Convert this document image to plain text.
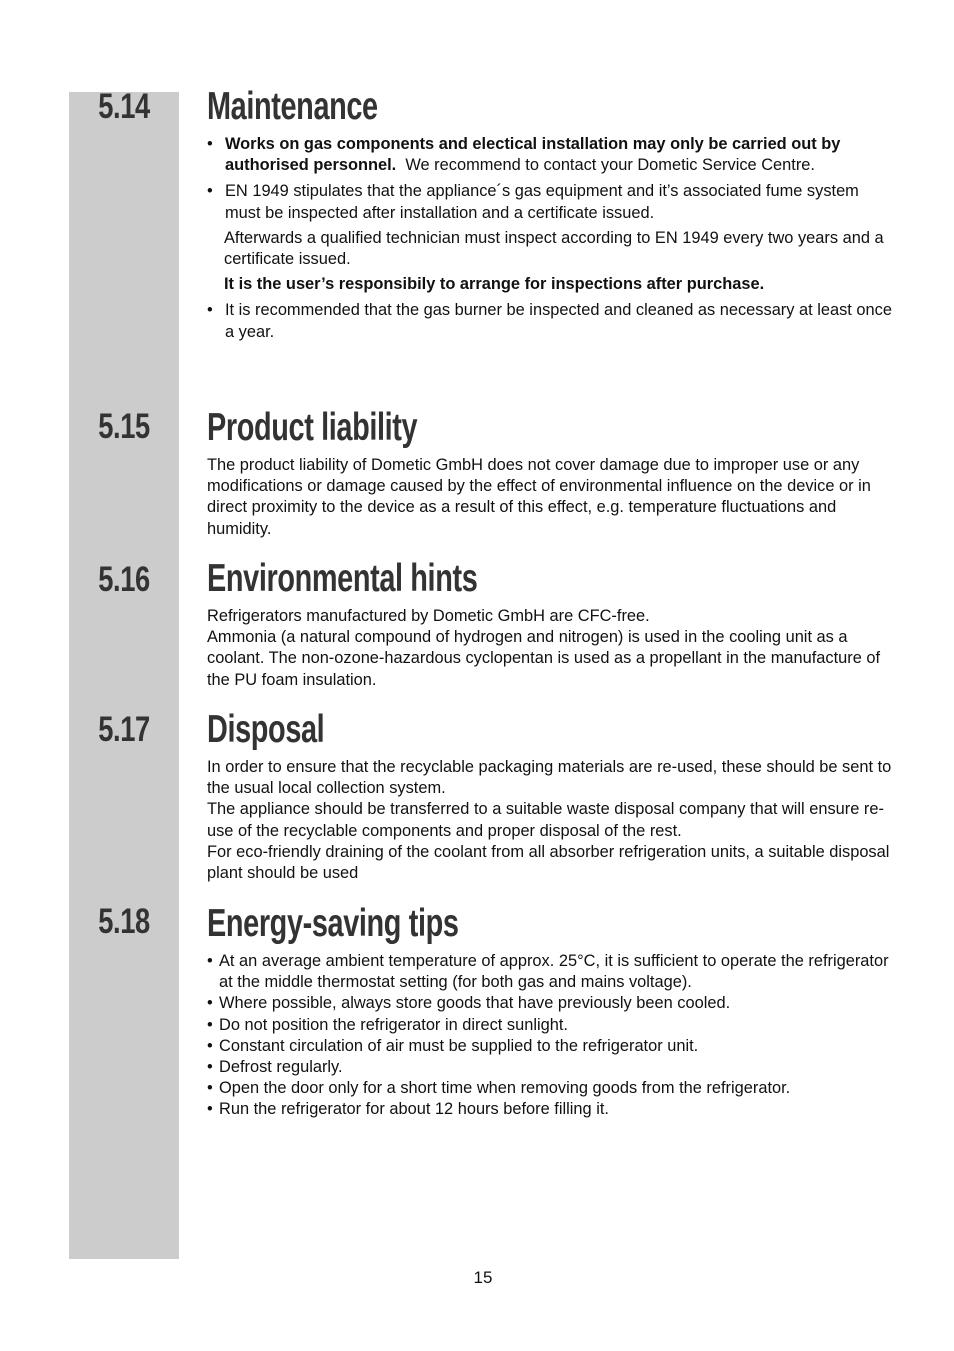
5.14	Maintenance

• Works on gas components and electical installation may only be carried out by authorised personnel. We recommend to contact your Dometic Service Centre.

• EN 1949 stipulates that the appliance´s gas equipment and it’s associated fume system must be inspected after installation and a certificate issued.

Afterwards a qualified technician must inspect according to EN 1949 every two years and a certificate issued.

It is the user’s responsibily to arrange for inspections after purchase.

• It is recommended that the gas burner be inspected and cleaned as necessary at least once a year.

5.15	Product liability

The product liability of Dometic GmbH does not cover damage due to improper use or any modifications or damage caused by the effect of environmental influence on the device or in direct proximity to the device as a result of this effect, e.g. temperature fluctuations and humidity.

5.16	Environmental hints

Refrigerators manufactured by Dometic GmbH are CFC-free.

Ammonia (a natural compound of hydrogen and nitrogen) is used in the cooling unit as a coolant. The non-ozone-hazardous cyclopentan is used as a propellant in the manufacture of the PU foam insulation.

5.17	Disposal

In order to ensure that the recyclable packaging materials are re-used, these should be sent to the usual local collection system.

The appliance should be transferred to a suitable waste disposal company that will ensure re-use of the recyclable components and proper disposal of the rest.

For eco-friendly draining of the coolant from all absorber refrigeration units, a suitable disposal plant should be used

5.18	Energy-saving tips

• At an average ambient temperature of approx. 25°C, it is sufficient to operate the refrigerator at the middle thermostat setting (for both gas and mains voltage).

• Where possible, always store goods that have previously been cooled.

• Do not position the refrigerator in direct sunlight.

• Constant circulation of air must be supplied to the refrigerator unit.

• Defrost regularly.

• Open the door only for a short time when removing goods from the refrigerator.

• Run the refrigerator for about 12 hours before filling it.

15
